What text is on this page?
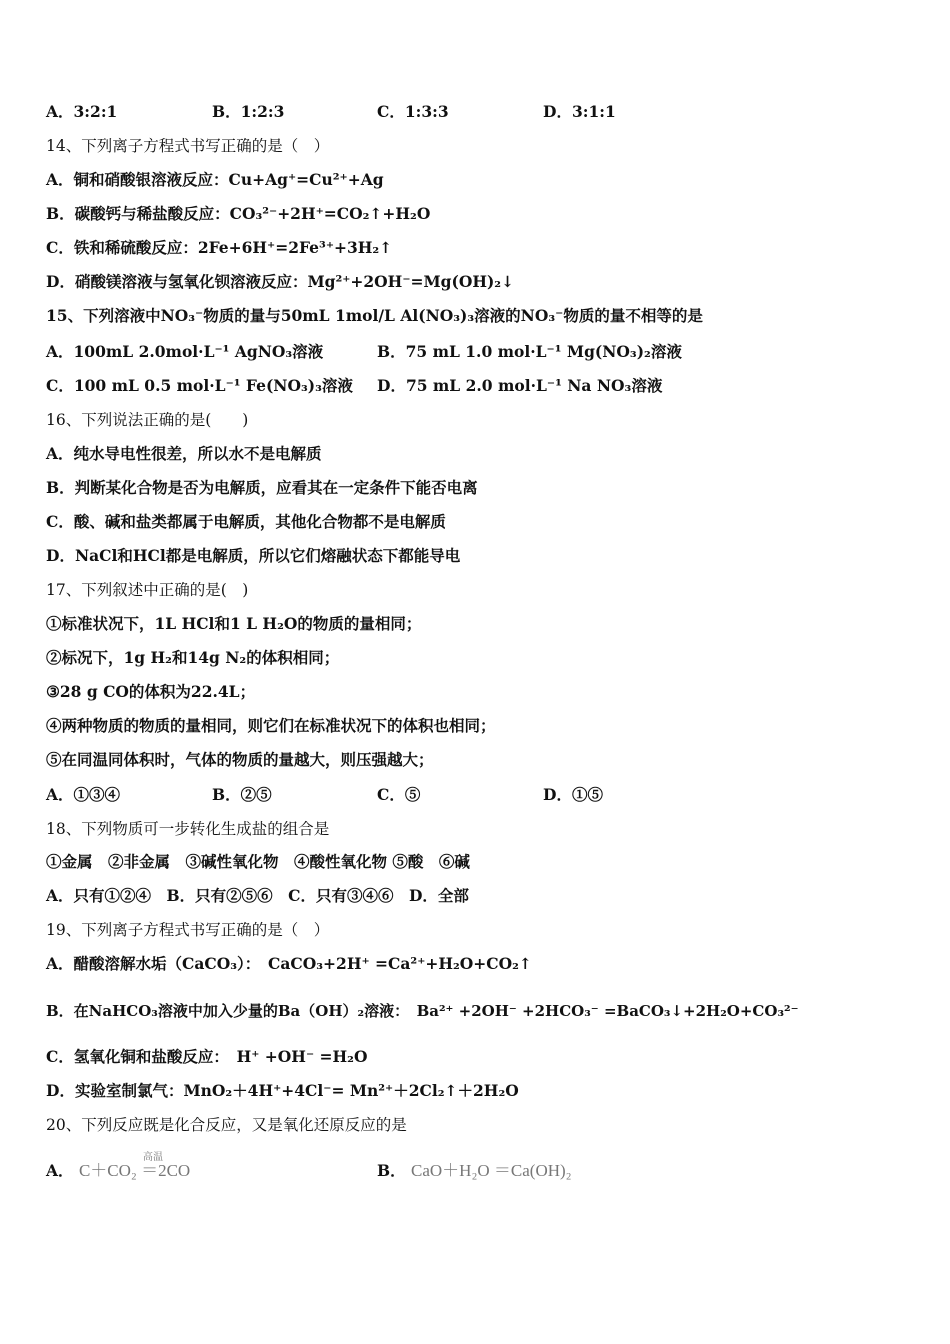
A．3:2:1	B．1:2:3	C．1:3:3	D．3:1:1
14、下列离子方程式书写正确的是（　）
A．铜和硝酸银溶液反应：Cu+Ag⁺=Cu²⁺+Ag
B．碳酸钙与稀盐酸反应：CO₃²⁻+2H⁺=CO₂↑+H₂O
C．铁和稀硫酸反应：2Fe+6H⁺=2Fe³⁺+3H₂↑
D．硝酸镁溶液与氢氧化钡溶液反应：Mg²⁺+2OH⁻=Mg(OH)₂↓
15、下列溶液中NO₃⁻物质的量与50mL 1mol/L Al(NO₃)₃溶液的NO₃⁻物质的量不相等的是
A．100mL 2.0mol·L⁻¹ AgNO₃溶液	B．75 mL 1.0 mol·L⁻¹ Mg(NO₃)₂溶液
C．100 mL 0.5 mol·L⁻¹ Fe(NO₃)₃溶液 D．75 mL 2.0 mol·L⁻¹ Na NO₃溶液
16、下列说法正确的是(　　)
A．纯水导电性很差，所以水不是电解质
B．判断某化合物是否为电解质，应看其在一定条件下能否电离
C．酸、碱和盐类都属于电解质，其他化合物都不是电解质
D．NaCl和HCl都是电解质，所以它们熔融状态下都能导电
17、下列叙述中正确的是(　)
①标准状况下，1L HCl和1 L H₂O的物质的量相同；
②标况下，1g H₂和14g N₂的体积相同；
③28 g CO的体积为22.4L；
④两种物质的物质的量相同，则它们在标准状况下的体积也相同；
⑤在同温同体积时，气体的物质的量越大，则压强越大；
A．①③④	B．②⑤	C．⑤	D．①⑤
18、下列物质可一步转化生成盐的组合是
①金属　②非金属　③碱性氧化物　④酸性氧化物 ⑤酸　⑥碱
A．只有①②④　B．只有②⑤⑥　C．只有③④⑥　D．全部
19、下列离子方程式书写正确的是（　）
A．醋酸溶解水垢（CaCO₃）：　CaCO₃+2H⁺ =Ca²⁺+H₂O+CO₂↑
B．在NaHCO₃溶液中加入少量的Ba（OH）₂溶液：　Ba²⁺ +2OH⁻ +2HCO₃⁻ =BaCO₃↓+2H₂O+CO₃²⁻
C．氢氧化铜和盐酸反应：　H⁺ +OH⁻ =H₂O
D．实验室制氯气：MnO₂＋4H⁺+4Cl⁻= Mn²⁺＋2Cl₂↑＋2H₂O
20、下列反应既是化合反应，又是氧化还原反应的是
A． C＋CO₂ ＝2CO
高温
B． CaO＋H₂O ＝Ca(OH)₂
